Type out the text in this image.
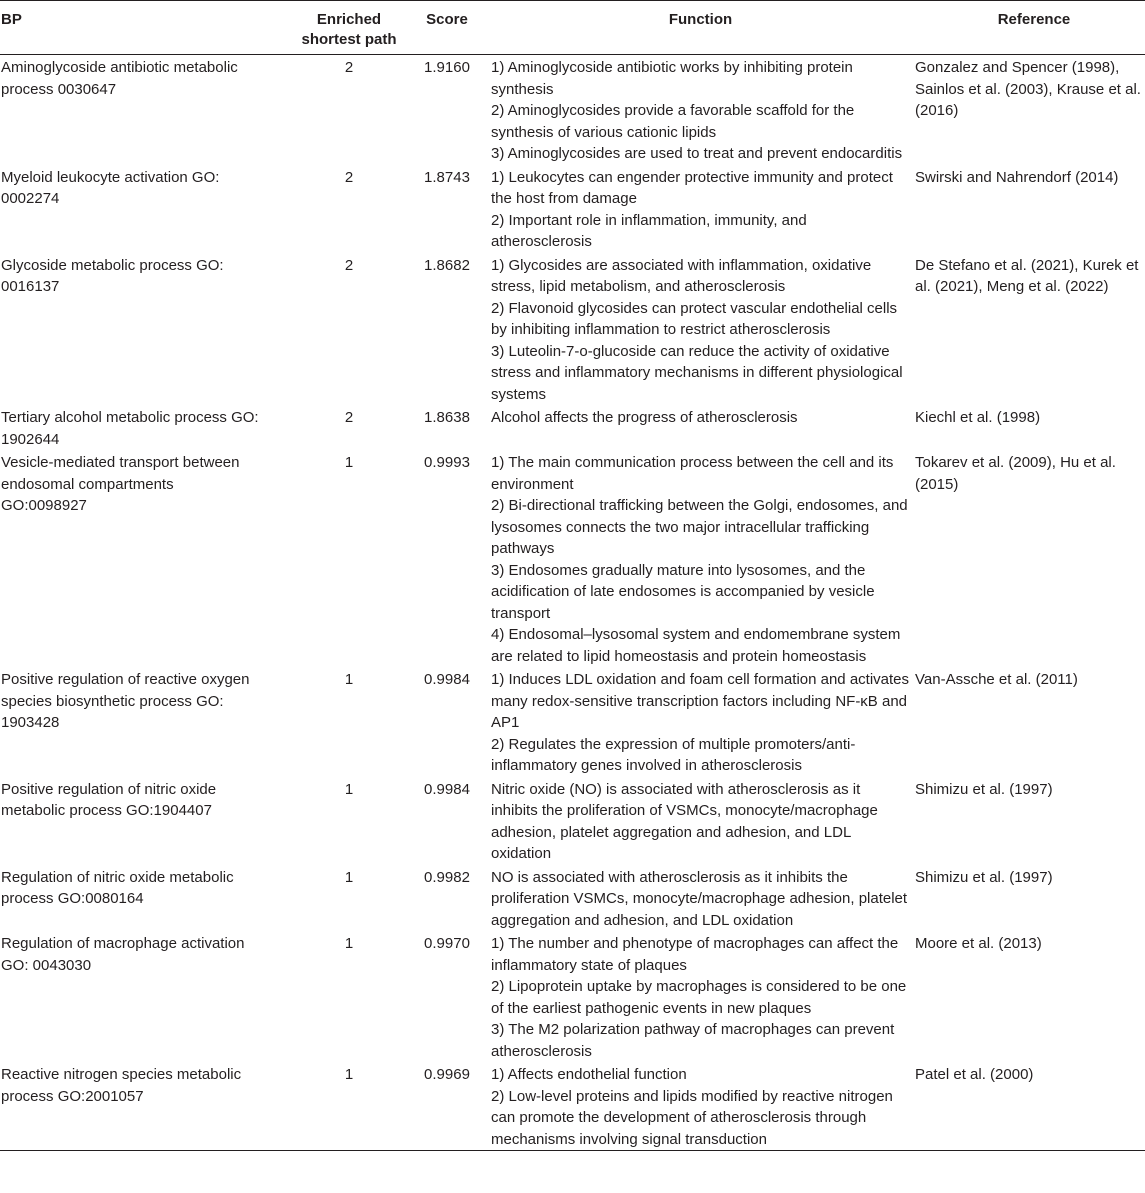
BP	Enriched
shortest path	Score	Function	Reference
Aminoglycoside antibiotic metabolic process 0030647	2	1.9160	1) Aminoglycoside antibiotic works by inhibiting protein synthesis
2) Aminoglycosides provide a favorable scaffold for the synthesis of various cationic lipids
3) Aminoglycosides are used to treat and prevent endocarditis	Gonzalez and Spencer (1998), Sainlos et al. (2003), Krause et al. (2016)
Myeloid leukocyte activation GO: 0002274	2	1.8743	1) Leukocytes can engender protective immunity and protect the host from damage
2) Important role in inflammation, immunity, and atherosclerosis	Swirski and Nahrendorf (2014)
Glycoside metabolic process GO: 0016137	2	1.8682	1) Glycosides are associated with inflammation, oxidative stress, lipid metabolism, and atherosclerosis
2) Flavonoid glycosides can protect vascular endothelial cells by inhibiting inflammation to restrict atherosclerosis
3) Luteolin-7-o-glucoside can reduce the activity of oxidative stress and inflammatory mechanisms in different physiological systems	De Stefano et al. (2021), Kurek et al. (2021), Meng et al. (2022)
Tertiary alcohol metabolic process GO: 1902644	2	1.8638	Alcohol affects the progress of atherosclerosis	Kiechl et al. (1998)
Vesicle-mediated transport between endosomal compartments GO:0098927	1	0.9993	1) The main communication process between the cell and its environment
2) Bi-directional trafficking between the Golgi, endosomes, and lysosomes connects the two major intracellular trafficking pathways
3) Endosomes gradually mature into lysosomes, and the acidification of late endosomes is accompanied by vesicle transport
4) Endosomal–lysosomal system and endomembrane system are related to lipid homeostasis and protein homeostasis	Tokarev et al. (2009), Hu et al. (2015)
Positive regulation of reactive oxygen species biosynthetic process GO: 1903428	1	0.9984	1) Induces LDL oxidation and foam cell formation and activates many redox-sensitive transcription factors including NF-κB and AP1
2) Regulates the expression of multiple promoters/anti-inflammatory genes involved in atherosclerosis	Van-Assche et al. (2011)
Positive regulation of nitric oxide metabolic process GO:1904407	1	0.9984	Nitric oxide (NO) is associated with atherosclerosis as it inhibits the proliferation of VSMCs, monocyte/macrophage adhesion, platelet aggregation and adhesion, and LDL oxidation	Shimizu et al. (1997)
Regulation of nitric oxide metabolic process GO:0080164	1	0.9982	NO is associated with atherosclerosis as it inhibits the proliferation VSMCs, monocyte/macrophage adhesion, platelet aggregation and adhesion, and LDL oxidation	Shimizu et al. (1997)
Regulation of macrophage activation GO: 0043030	1	0.9970	1) The number and phenotype of macrophages can affect the inflammatory state of plaques
2) Lipoprotein uptake by macrophages is considered to be one of the earliest pathogenic events in new plaques
3) The M2 polarization pathway of macrophages can prevent atherosclerosis	Moore et al. (2013)
Reactive nitrogen species metabolic process GO:2001057	1	0.9969	1) Affects endothelial function
2) Low-level proteins and lipids modified by reactive nitrogen can promote the development of atherosclerosis through mechanisms involving signal transduction	Patel et al. (2000)
